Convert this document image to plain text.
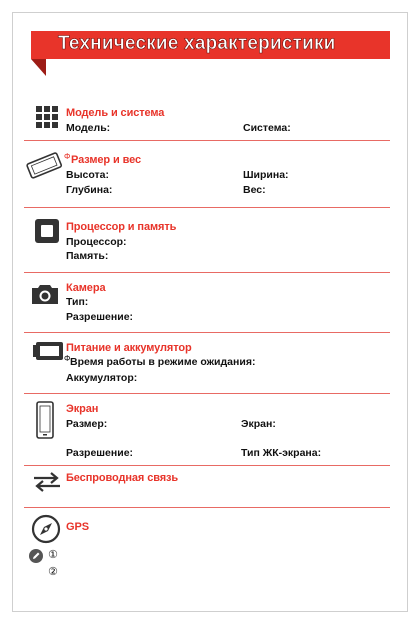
Технические характеристики
Модель и система
Модель:	Система:
Φ Размер и вес
Высота:	Ширина:
Глубина:	Вес:
Процессор и память
Процессор:
Память:
Камера
Тип:
Разрешение:
Питание и аккумулятор
Φ Время работы в режиме ожидания:
Аккумулятор:
Экран
Размер:	Экран:
Разрешение:	Тип ЖК-экрана:
Беспроводная связь
GPS
①
②
